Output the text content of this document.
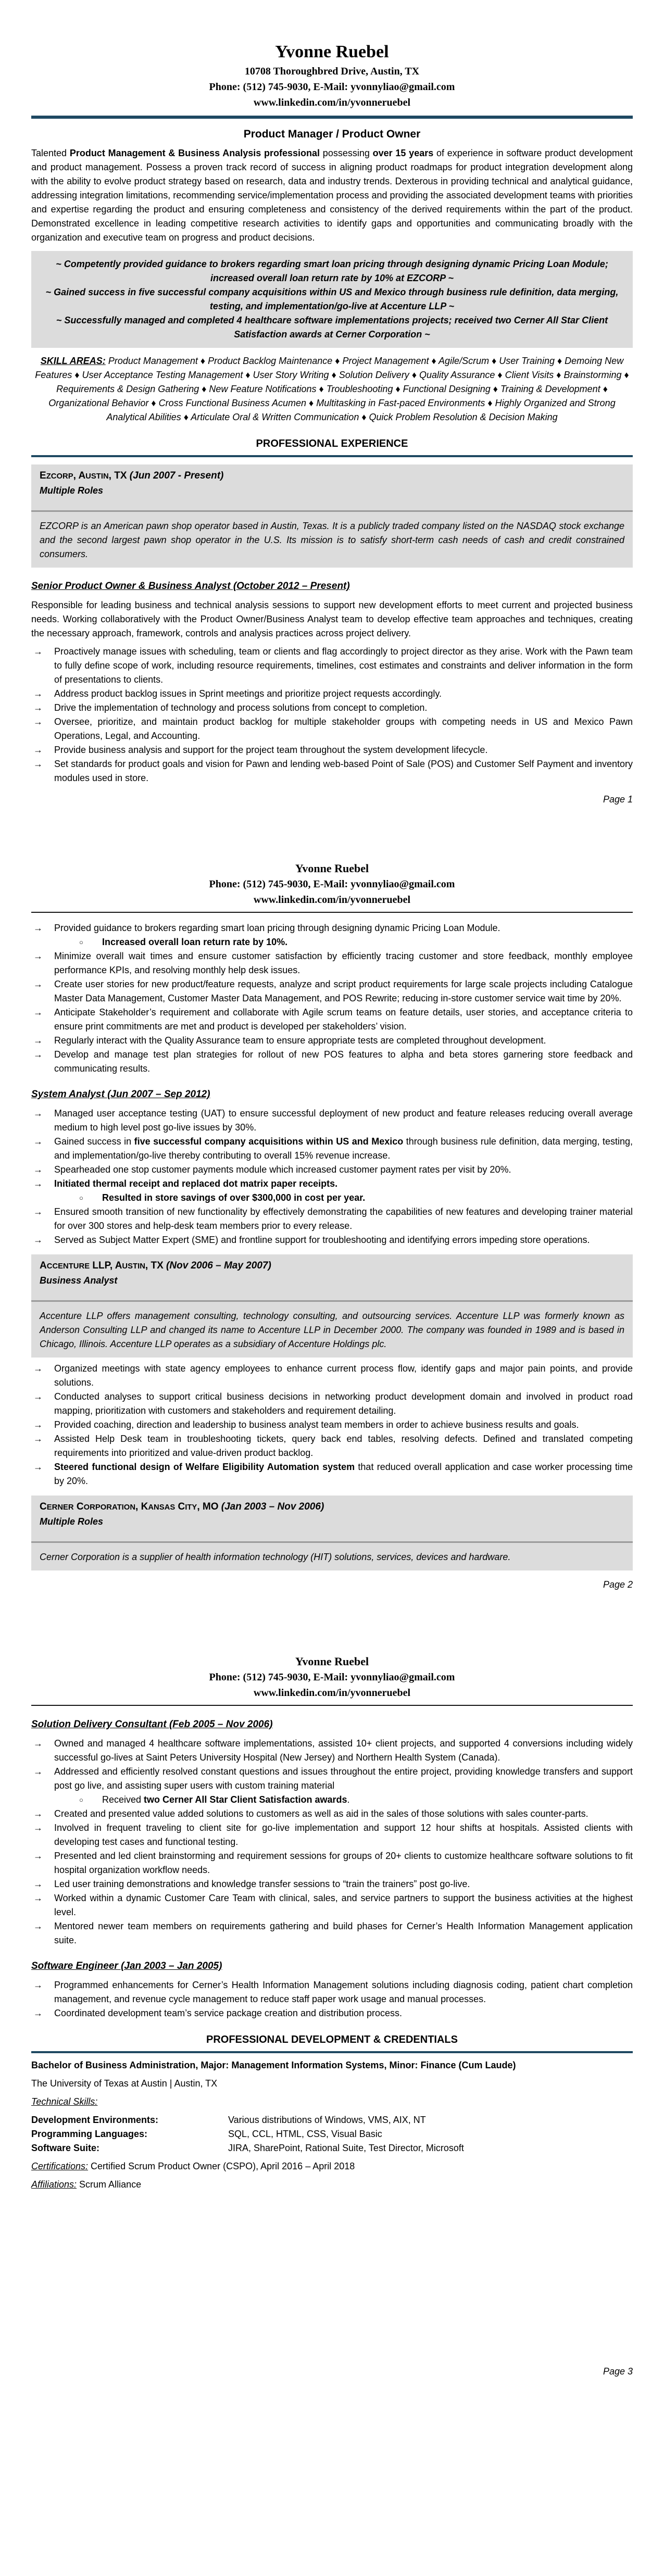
Yvonne Ruebel
10708 Thoroughbred Drive, Austin, TX
Phone: (512) 745-9030, E-Mail: yvonnyliao@gmail.com
www.linkedin.com/in/yvonneruebel
Product Manager / Product Owner
Talented Product Management & Business Analysis professional possessing over 15 years of experience in software product development and product management. Possess a proven track record of success in aligning product roadmaps for product integration development along with the ability to evolve product strategy based on research, data and industry trends. Dexterous in providing technical and analytical guidance, addressing integration limitations, recommending service/implementation process and providing the associated development teams with priorities and expertise regarding the product and ensuring completeness and consistency of the derived requirements within the part of the product. Demonstrated excellence in leading competitive research activities to identify gaps and opportunities and communicating broadly with the organization and executive team on progress and product decisions.
~ Competently provided guidance to brokers regarding smart loan pricing through designing dynamic Pricing Loan Module; increased overall loan return rate by 10% at EZCORP ~
~ Gained success in five successful company acquisitions within US and Mexico through business rule definition, data merging, testing, and implementation/go-live at Accenture LLP ~
~ Successfully managed and completed 4 healthcare software implementations projects; received two Cerner All Star Client Satisfaction awards at Cerner Corporation ~
SKILL AREAS: Product Management ♦ Product Backlog Maintenance ♦ Project Management ♦ Agile/Scrum ♦ User Training ♦ Demoing New Features ♦ User Acceptance Testing Management ♦ User Story Writing ♦ Solution Delivery ♦ Quality Assurance ♦ Client Visits ♦ Brainstorming ♦ Requirements & Design Gathering ♦ New Feature Notifications ♦ Troubleshooting ♦ Functional Designing ♦ Training & Development ♦ Organizational Behavior ♦ Cross Functional Business Acumen ♦ Multitasking in Fast-paced Environments ♦ Highly Organized and Strong Analytical Abilities ♦ Articulate Oral & Written Communication ♦ Quick Problem Resolution & Decision Making
PROFESSIONAL EXPERIENCE
EZCORP, AUSTIN, TX (Jun 2007 - Present)
Multiple Roles
EZCORP is an American pawn shop operator based in Austin, Texas. It is a publicly traded company listed on the NASDAQ stock exchange and the second largest pawn shop operator in the U.S. Its mission is to satisfy short-term cash needs of cash and credit constrained consumers.
Senior Product Owner & Business Analyst (October 2012 – Present)
Responsible for leading business and technical analysis sessions to support new development efforts to meet current and projected business needs. Working collaboratively with the Product Owner/Business Analyst team to develop effective team approaches and techniques, creating the necessary approach, framework, controls and analysis practices across project delivery.
→	Proactively manage issues with scheduling, team or clients and flag accordingly to project director as they arise. Work with the Pawn team to fully define scope of work, including resource requirements, timelines, cost estimates and constraints and deliver information in the form of presentations to clients.
→	Address product backlog issues in Sprint meetings and prioritize project requests accordingly.
→	Drive the implementation of technology and process solutions from concept to completion.
→	Oversee, prioritize, and maintain product backlog for multiple stakeholder groups with competing needs in US and Mexico Pawn Operations, Legal, and Accounting.
→	Provide business analysis and support for the project team throughout the system development lifecycle.
→	Set standards for product goals and vision for Pawn and lending web-based Point of Sale (POS) and Customer Self Payment and inventory modules used in store.
Page 1
Yvonne Ruebel
Phone: (512) 745-9030, E-Mail: yvonnyliao@gmail.com
www.linkedin.com/in/yvonneruebel
→	Provided guidance to brokers regarding smart loan pricing through designing dynamic Pricing Loan Module.
○	Increased overall loan return rate by 10%.
→	Minimize overall wait times and ensure customer satisfaction by efficiently tracing customer and store feedback, monthly employee performance KPIs, and resolving monthly help desk issues.
→	Create user stories for new product/feature requests, analyze and script product requirements for large scale projects including Catalogue Master Data Management, Customer Master Data Management, and POS Rewrite; reducing in-store customer service wait time by 20%.
→	Anticipate Stakeholder’s requirement and collaborate with Agile scrum teams on feature details, user stories, and acceptance criteria to ensure print commitments are met and product is developed per stakeholders’ vision.
→	Regularly interact with the Quality Assurance team to ensure appropriate tests are completed throughout development.
→	Develop and manage test plan strategies for rollout of new POS features to alpha and beta stores garnering store feedback and communicating results.
System Analyst (Jun 2007 – Sep 2012)
→	Managed user acceptance testing (UAT) to ensure successful deployment of new product and feature releases reducing overall average medium to high level post go-live issues by 30%.
→	Gained success in five successful company acquisitions within US and Mexico through business rule definition, data merging, testing, and implementation/go-live thereby contributing to overall 15% revenue increase.
→	Spearheaded one stop customer payments module which increased customer payment rates per visit by 20%.
→	Initiated thermal receipt and replaced dot matrix paper receipts.
○	Resulted in store savings of over $300,000 in cost per year.
→	Ensured smooth transition of new functionality by effectively demonstrating the capabilities of new features and developing trainer material for over 300 stores and help-desk team members prior to every release.
→	Served as Subject Matter Expert (SME) and frontline support for troubleshooting and identifying errors impeding store operations.
ACCENTURE LLP, AUSTIN, TX (Nov 2006 – May 2007)
Business Analyst
Accenture LLP offers management consulting, technology consulting, and outsourcing services. Accenture LLP was formerly known as Anderson Consulting LLP and changed its name to Accenture LLP in December 2000. The company was founded in 1989 and is based in Chicago, Illinois. Accenture LLP operates as a subsidiary of Accenture Holdings plc.
→	Organized meetings with state agency employees to enhance current process flow, identify gaps and major pain points, and provide solutions.
→	Conducted analyses to support critical business decisions in networking product development domain and involved in product road mapping, prioritization with customers and stakeholders and requirement detailing.
→	Provided coaching, direction and leadership to business analyst team members in order to achieve business results and goals.
→	Assisted Help Desk team in troubleshooting tickets, query back end tables, resolving defects. Defined and translated competing requirements into prioritized and value-driven product backlog.
→	Steered functional design of Welfare Eligibility Automation system that reduced overall application and case worker processing time by 20%.
CERNER CORPORATION, KANSAS CITY, MO (Jan 2003 – Nov 2006)
Multiple Roles
Cerner Corporation is a supplier of health information technology (HIT) solutions, services, devices and hardware.
Page 2
Yvonne Ruebel
Phone: (512) 745-9030, E-Mail: yvonnyliao@gmail.com
www.linkedin.com/in/yvonneruebel
Solution Delivery Consultant (Feb 2005 – Nov 2006)
→	Owned and managed 4 healthcare software implementations, assisted 10+ client projects, and supported 4 conversions including widely successful go-lives at Saint Peters University Hospital (New Jersey) and Northern Health System (Canada).
→	Addressed and efficiently resolved constant questions and issues throughout the entire project, providing knowledge transfers and support post go live, and assisting super users with custom training material
○	Received two Cerner All Star Client Satisfaction awards.
→	Created and presented value added solutions to customers as well as aid in the sales of those solutions with sales counter-parts.
→	Involved in frequent traveling to client site for go-live implementation and support 12 hour shifts at hospitals. Assisted clients with developing test cases and functional testing.
→	Presented and led client brainstorming and requirement sessions for groups of 20+ clients to customize healthcare software solutions to fit hospital organization workflow needs.
→	Led user training demonstrations and knowledge transfer sessions to “train the trainers” post go-live.
→	Worked within a dynamic Customer Care Team with clinical, sales, and service partners to support the business activities at the highest level.
→	Mentored newer team members on requirements gathering and build phases for Cerner’s Health Information Management application suite.
Software Engineer (Jan 2003 – Jan 2005)
→	Programmed enhancements for Cerner’s Health Information Management solutions including diagnosis coding, patient chart completion management, and revenue cycle management to reduce staff paper work usage and manual processes.
→	Coordinated development team’s service package creation and distribution process.
PROFESSIONAL DEVELOPMENT & CREDENTIALS
Bachelor of Business Administration, Major: Management Information Systems, Minor: Finance (Cum Laude)
The University of Texas at Austin | Austin, TX
Technical Skills:
Development Environments:	Various distributions of Windows, VMS, AIX, NT
Programming Languages:	SQL, CCL, HTML, CSS, Visual Basic
Software Suite:	JIRA, SharePoint, Rational Suite, Test Director, Microsoft
Certifications: Certified Scrum Product Owner (CSPO), April 2016 – April 2018
Affiliations: Scrum Alliance
Page 3
